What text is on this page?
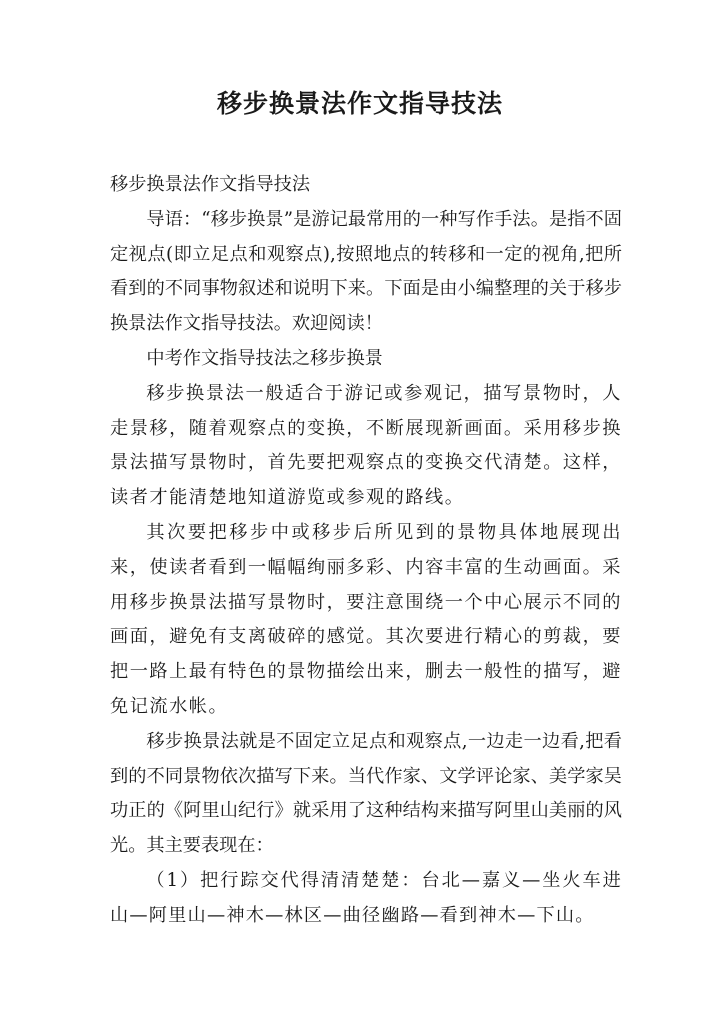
移步换景法作文指导技法

移步换景法作文指导技法

导语：“移步换景”是游记最常用的一种写作手法。是指不固定视点(即立足点和观察点),按照地点的转移和一定的视角,把所看到的不同事物叙述和说明下来。下面是由小编整理的关于移步换景法作文指导技法。欢迎阅读！

中考作文指导技法之移步换景

移步换景法一般适合于游记或参观记，描写景物时，人走景移，随着观察点的变换，不断展现新画面。采用移步换景法描写景物时，首先要把观察点的变换交代清楚。这样，读者才能清楚地知道游览或参观的路线。

其次要把移步中或移步后所见到的景物具体地展现出来，使读者看到一幅幅绚丽多彩、内容丰富的生动画面。采用移步换景法描写景物时，要注意围绕一个中心展示不同的画面，避免有支离破碎的感觉。其次要进行精心的剪裁，要把一路上最有特色的景物描绘出来，删去一般性的描写，避免记流水帐。

移步换景法就是不固定立足点和观察点,一边走一边看,把看到的不同景物依次描写下来。当代作家、文学评论家、美学家吴功正的《阿里山纪行》就采用了这种结构来描写阿里山美丽的风光。其主要表现在：

（1）把行踪交代得清清楚楚：台北—嘉义—坐火车进山—阿里山—神木—林区—曲径幽路—看到神木—下山。
